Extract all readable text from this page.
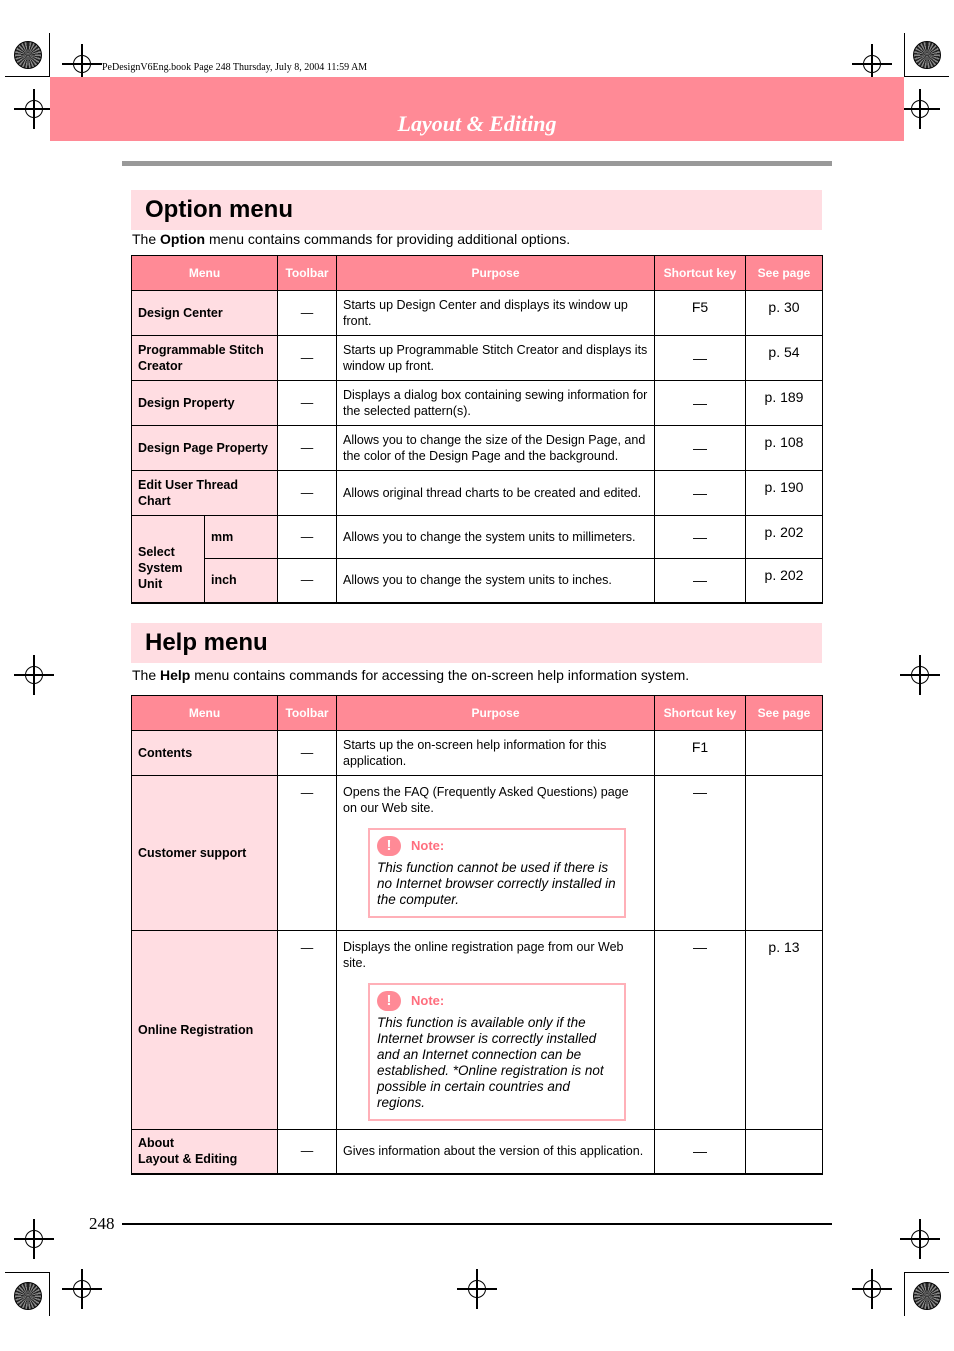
PeDesignV6Eng.book Page 248 Thursday, July 8, 2004 11:59 AM
Layout & Editing
Option menu
The Option menu contains commands for providing additional options.
Menu		Toolbar	Purpose	Shortcut key	See page
Design Center		—	Starts up Design Center and displays its window up front.	F5	p. 30
Programmable Stitch Creator		—	Starts up Programmable Stitch Creator and displays its window up front.	—	p. 54
Design Property		—	Displays a dialog box containing sewing information for the selected pattern(s).	—	p. 189
Design Page Property		—	Allows you to change the size of the Design Page, and the color of the Design Page and the background.	—	p. 108
Edit User Thread Chart		—	Allows original thread charts to be created and edited.	—	p. 190
Select System Unit	mm	—	Allows you to change the system units to millimeters.	—	p. 202
	inch	—	Allows you to change the system units to inches.	—	p. 202
Help menu
The Help menu contains commands for accessing the on-screen help information system.
Menu	Toolbar	Purpose	Shortcut key	See page
Contents	—	Starts up the on-screen help information for this application.	F1	
Customer support	—	Opens the FAQ (Frequently Asked Questions) page on our Web site.
! Note:
This function cannot be used if there is no Internet browser correctly installed in the computer.	—	
Online Registration	—	Displays the online registration page from our Web site.
! Note:
This function is available only if the Internet browser is correctly installed and an Internet connection can be established. *Online registration is not possible in certain countries and regions.	—	p. 13

About
Layout & Editing	—	Gives information about the version of this application.	—	
248
